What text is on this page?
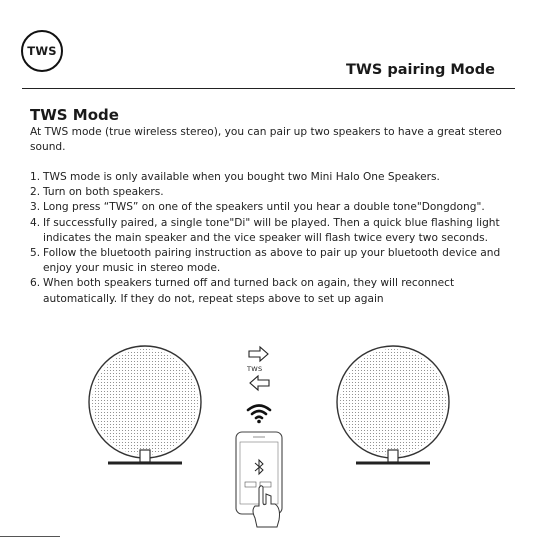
TWS
TWS pairing Mode
TWS Mode
At TWS mode (true wireless stereo), you can pair up two speakers to have a great stereo sound.
1. TWS mode is only available when you bought two Mini Halo One Speakers.
2. Turn on both speakers.
3. Long press “TWS” on one of the speakers until you hear a double tone"Dongdong".
4. If successfully paired, a single tone"Di" will be played. Then a quick blue flashing light indicates the main speaker and the vice speaker will flash twice every two seconds.
5. Follow the bluetooth pairing instruction as above to pair up your bluetooth device and enjoy your music in stereo mode.
6. When both speakers turned off and turned back on again, they will reconnect automatically. If they do not, repeat steps above to set up again
TWS
